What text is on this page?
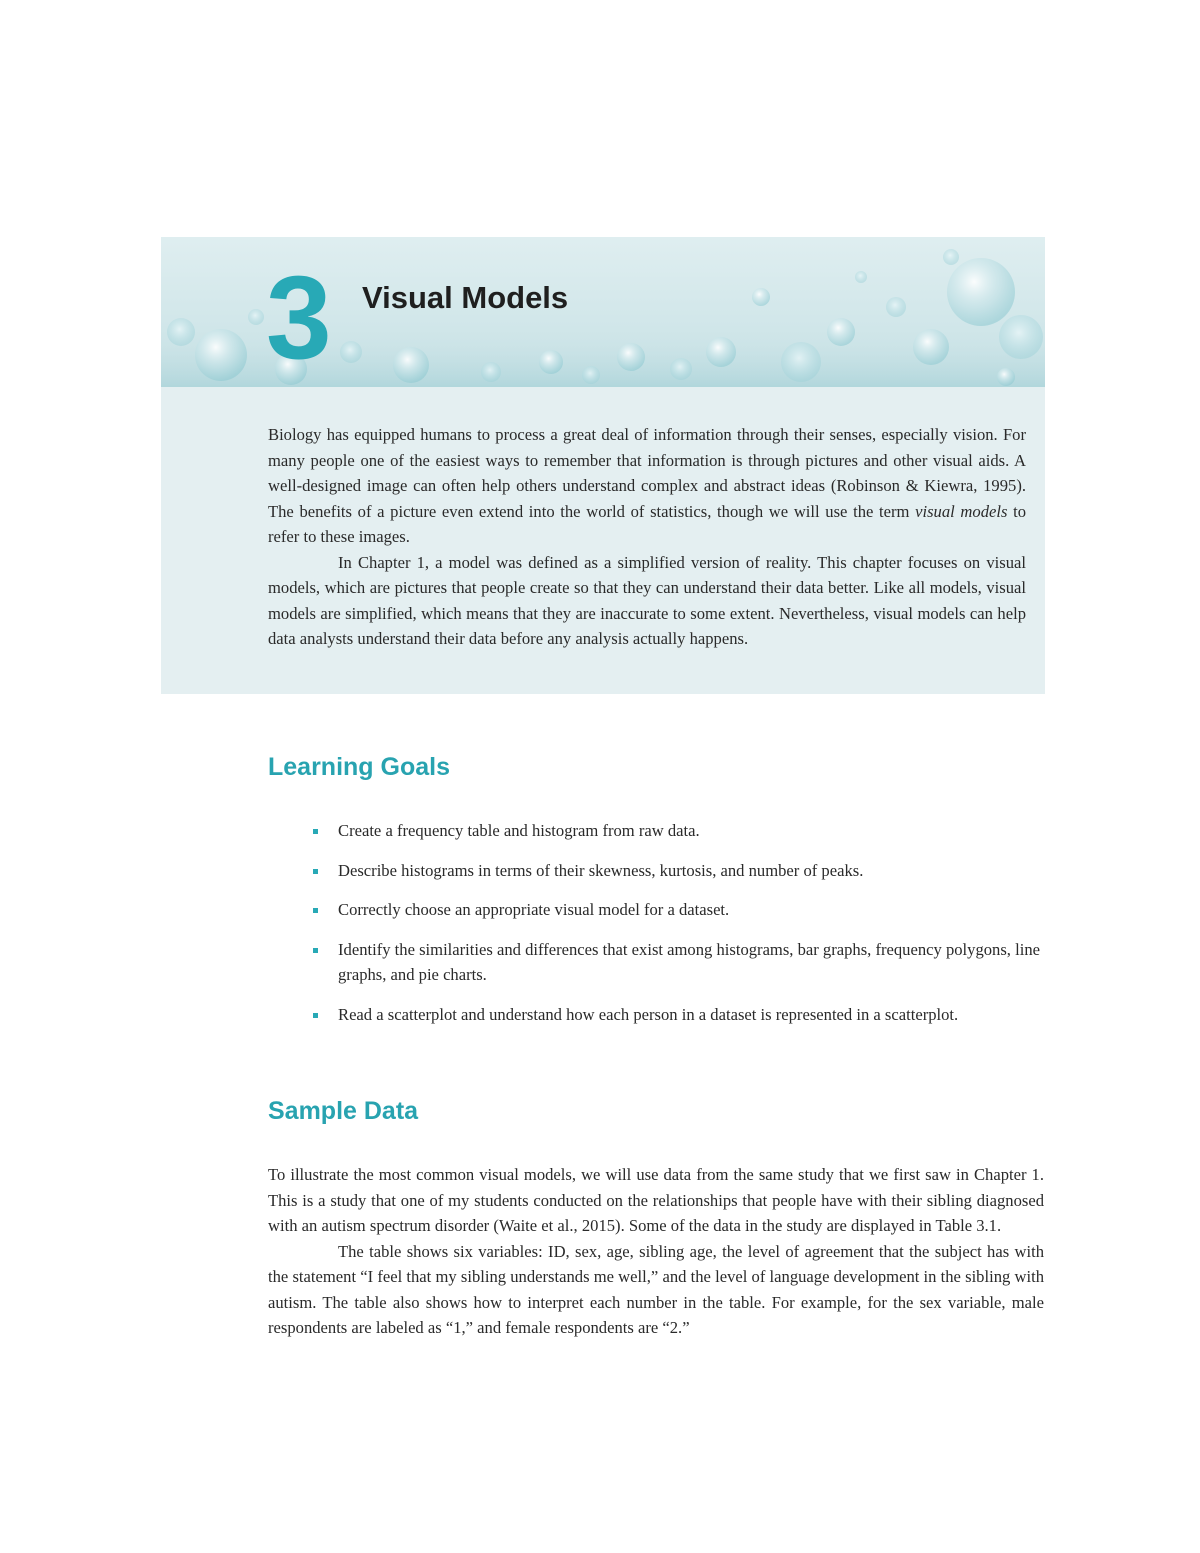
3 Visual Models

Biology has equipped humans to process a great deal of information through their senses, especially vision. For many people one of the easiest ways to remember that information is through pictures and other visual aids. A well-designed image can often help others understand complex and abstract ideas (Robinson & Kiewra, 1995). The benefits of a picture even extend into the world of statistics, though we will use the term visual models to refer to these images.

In Chapter 1, a model was defined as a simplified version of reality. This chapter focuses on visual models, which are pictures that people create so that they can understand their data better. Like all models, visual models are simplified, which means that they are inaccurate to some extent. Nevertheless, visual models can help data analysts understand their data before any analysis actually happens.

Learning Goals
Create a frequency table and histogram from raw data.
Describe histograms in terms of their skewness, kurtosis, and number of peaks.
Correctly choose an appropriate visual model for a dataset.
Identify the similarities and differences that exist among histograms, bar graphs, frequency polygons, line graphs, and pie charts.
Read a scatterplot and understand how each person in a dataset is represented in a scatterplot.
Sample Data

To illustrate the most common visual models, we will use data from the same study that we first saw in Chapter 1. This is a study that one of my students conducted on the relationships that people have with their sibling diagnosed with an autism spectrum disorder (Waite et al., 2015). Some of the data in the study are displayed in Table 3.1.

The table shows six variables: ID, sex, age, sibling age, the level of agreement that the subject has with the statement “I feel that my sibling understands me well,” and the level of language development in the sibling with autism. The table also shows how to interpret each number in the table. For example, for the sex variable, male respondents are labeled as “1,” and female respondents are “2.”
